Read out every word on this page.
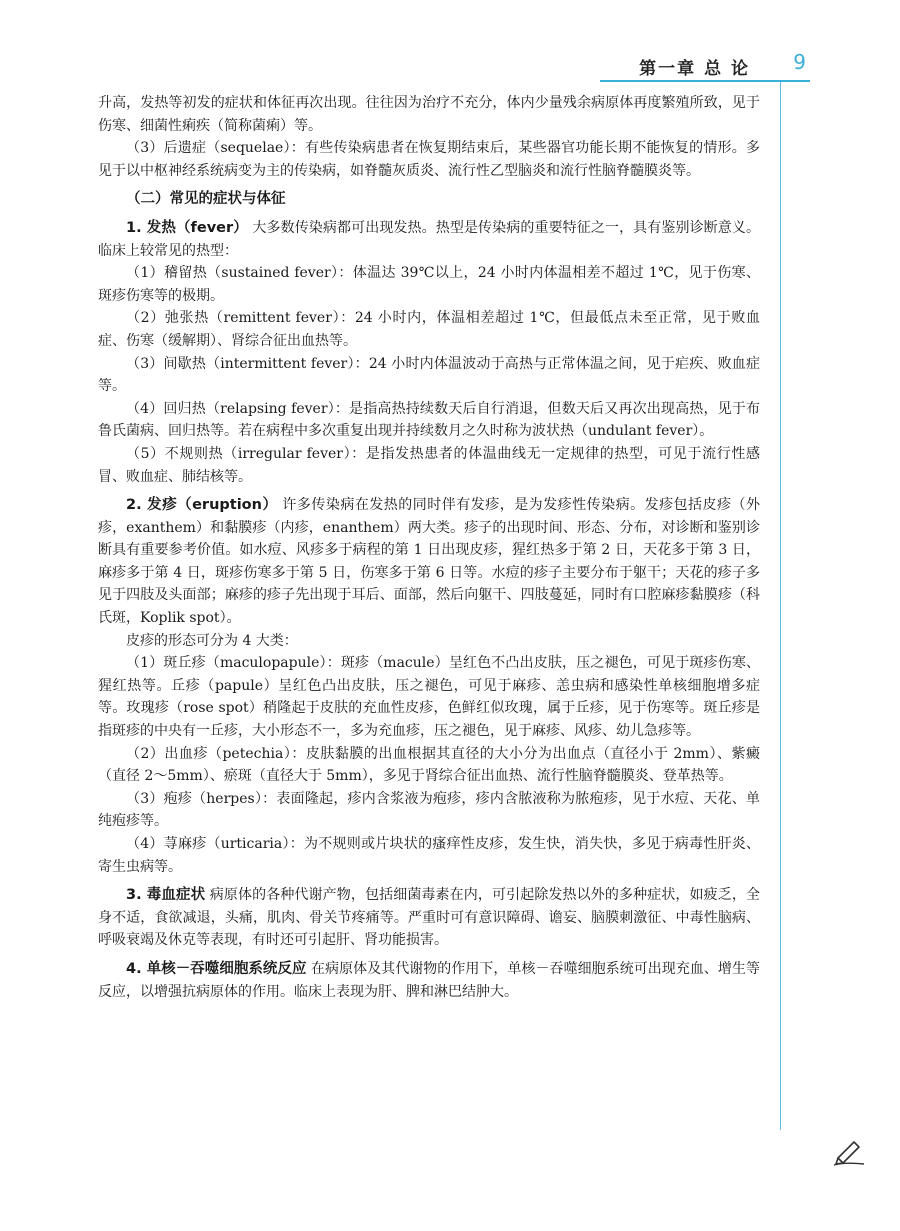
第一章 总 论 9

升高，发热等初发的症状和体征再次出现。往往因为治疗不充分，体内少量残余病原体再度繁殖所致，见于伤寒、细菌性痢疾（简称菌痢）等。

（3）后遗症（sequelae）：有些传染病患者在恢复期结束后，某些器官功能长期不能恢复的情形。多见于以中枢神经系统病变为主的传染病，如脊髓灰质炎、流行性乙型脑炎和流行性脑脊髓膜炎等。

（二）常见的症状与体征

1. 发热（fever） 大多数传染病都可出现发热。热型是传染病的重要特征之一，具有鉴别诊断意义。临床上较常见的热型：

（1）稽留热（sustained fever）：体温达 39℃以上，24 小时内体温相差不超过 1℃，见于伤寒、斑疹伤寒等的极期。

（2）弛张热（remittent fever）：24 小时内，体温相差超过 1℃，但最低点未至正常，见于败血症、伤寒（缓解期）、肾综合征出血热等。

（3）间歇热（intermittent fever）：24 小时内体温波动于高热与正常体温之间，见于疟疾、败血症等。

（4）回归热（relapsing fever）：是指高热持续数天后自行消退，但数天后又再次出现高热，见于布鲁氏菌病、回归热等。若在病程中多次重复出现并持续数月之久时称为波状热（undulant fever）。

（5）不规则热（irregular fever）：是指发热患者的体温曲线无一定规律的热型，可见于流行性感冒、败血症、肺结核等。

2. 发疹（eruption） 许多传染病在发热的同时伴有发疹，是为发疹性传染病。发疹包括皮疹（外疹，exanthem）和黏膜疹（内疹，enanthem）两大类。疹子的出现时间、形态、分布，对诊断和鉴别诊断具有重要参考价值。如水痘、风疹多于病程的第 1 日出现皮疹，猩红热多于第 2 日，天花多于第 3 日，麻疹多于第 4 日，斑疹伤寒多于第 5 日，伤寒多于第 6 日等。水痘的疹子主要分布于躯干；天花的疹子多见于四肢及头面部；麻疹的疹子先出现于耳后、面部，然后向躯干、四肢蔓延，同时有口腔麻疹黏膜疹（科氏斑，Koplik spot）。

皮疹的形态可分为 4 大类：

（1）斑丘疹（maculopapule）：斑疹（macule）呈红色不凸出皮肤，压之褪色，可见于斑疹伤寒、猩红热等。丘疹（papule）呈红色凸出皮肤，压之褪色，可见于麻疹、恙虫病和感染性单核细胞增多症等。玫瑰疹（rose spot）稍隆起于皮肤的充血性皮疹，色鲜红似玫瑰，属于丘疹，见于伤寒等。斑丘疹是指斑疹的中央有一丘疹，大小形态不一，多为充血疹，压之褪色，见于麻疹、风疹、幼儿急疹等。

（2）出血疹（petechia）：皮肤黏膜的出血根据其直径的大小分为出血点（直径小于 2mm）、紫癜（直径 2～5mm）、瘀斑（直径大于 5mm），多见于肾综合征出血热、流行性脑脊髓膜炎、登革热等。

（3）疱疹（herpes）：表面隆起，疹内含浆液为疱疹，疹内含脓液称为脓疱疹，见于水痘、天花、单纯疱疹等。

（4）荨麻疹（urticaria）：为不规则或片块状的瘙痒性皮疹，发生快，消失快，多见于病毒性肝炎、寄生虫病等。

3. 毒血症状 病原体的各种代谢产物，包括细菌毒素在内，可引起除发热以外的多种症状，如疲乏，全身不适，食欲减退，头痛，肌肉、骨关节疼痛等。严重时可有意识障碍、谵妄、脑膜刺激征、中毒性脑病、呼吸衰竭及休克等表现，有时还可引起肝、肾功能损害。

4. 单核－吞噬细胞系统反应 在病原体及其代谢物的作用下，单核－吞噬细胞系统可出现充血、增生等反应，以增强抗病原体的作用。临床上表现为肝、脾和淋巴结肿大。
